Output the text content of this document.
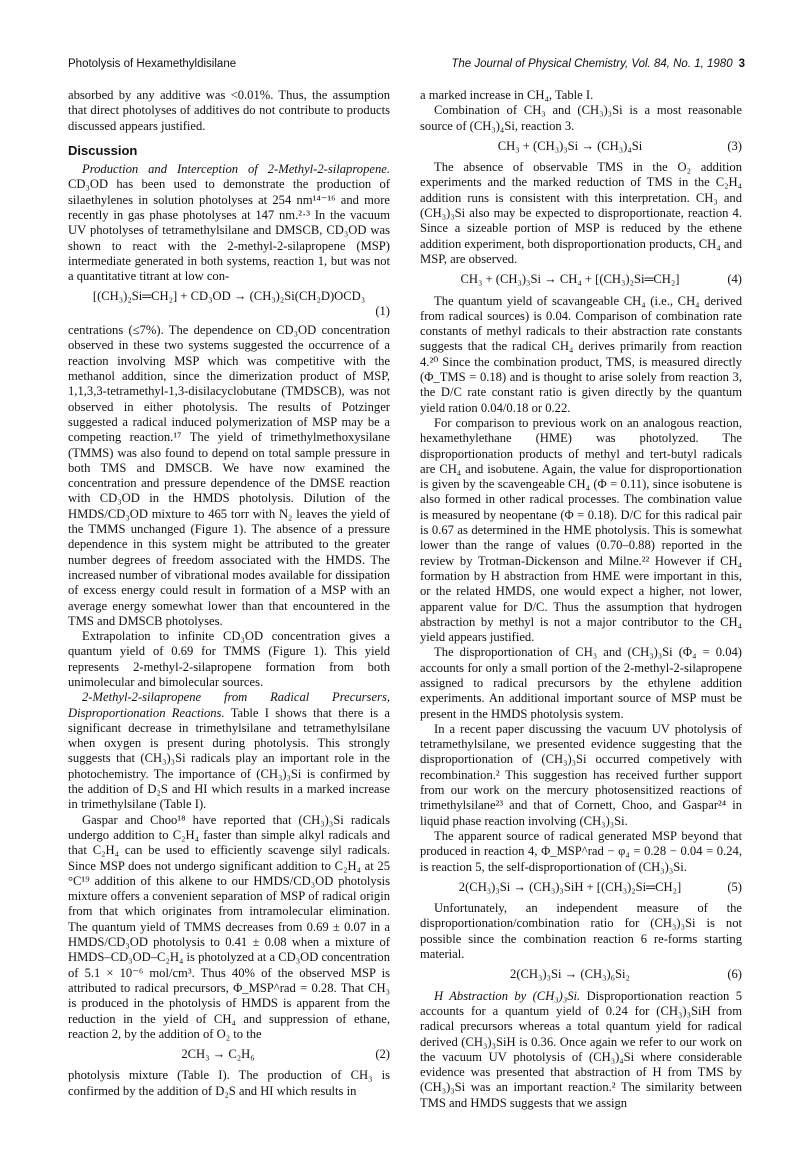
Photolysis of Hexamethyldisilane	The Journal of Physical Chemistry, Vol. 84, No. 1, 1980 3

absorbed by any additive was <0.01%. Thus, the assumption that direct photolyses of additives do not contribute to products discussed appears justified.

Discussion

Production and Interception of 2-Methyl-2-silapropene. CD₃OD has been used to demonstrate the production of silaethylenes in solution photolyses at 254 nm¹⁴⁻¹⁶ and more recently in gas phase photolyses at 147 nm.²·³ In the vacuum UV photolyses of tetramethylsilane and DMSCB, CD₃OD was shown to react with the 2-methyl-2-silapropene (MSP) intermediate generated in both systems, reaction 1, but was not a quantitative titrant at low con-

[(CH₃)₂Si═CH₂] + CD₃OD → (CH₃)₂Si(CH₂D)OCD₃
(1)

centrations (≤7%). The dependence on CD₃OD concentration observed in these two systems suggested the occurrence of a reaction involving MSP which was competitive with the methanol addition, since the dimerization product of MSP, 1,1,3,3-tetramethyl-1,3-disilacyclobutane (TMDSCB), was not observed in either photolysis. The results of Potzinger suggested a radical induced polymerization of MSP may be a competing reaction.¹⁷ The yield of trimethylmethoxysilane (TMMS) was also found to depend on total sample pressure in both TMS and DMSCB. We have now examined the concentration and pressure dependence of the DMSE reaction with CD₃OD in the HMDS photolysis. Dilution of the HMDS/CD₃OD mixture to 465 torr with N₂ leaves the yield of the TMMS unchanged (Figure 1). The absence of a pressure dependence in this system might be attributed to the greater number degrees of freedom associated with the HMDS. The increased number of vibrational modes available for dissipation of excess energy could result in formation of a MSP with an average energy somewhat lower than that encountered in the TMS and DMSCB photolyses.

Extrapolation to infinite CD₃OD concentration gives a quantum yield of 0.69 for TMMS (Figure 1). This yield represents 2-methyl-2-silapropene formation from both unimolecular and bimolecular sources.

2-Methyl-2-silapropene from Radical Precursers, Disproportionation Reactions. Table I shows that there is a significant decrease in trimethylsilane and tetramethylsilane when oxygen is present during photolysis. This strongly suggests that (CH₃)₃Si radicals play an important role in the photochemistry. The importance of (CH₃)₃Si is confirmed by the addition of D₂S and HI which results in a marked increase in trimethylsilane (Table I).

Gaspar and Choo¹⁸ have reported that (CH₃)₃Si radicals undergo addition to C₂H₄ faster than simple alkyl radicals and that C₂H₄ can be used to efficiently scavenge silyl radicals. Since MSP does not undergo significant addition to C₂H₄ at 25 °C¹⁹ addition of this alkene to our HMDS/CD₃OD photolysis mixture offers a convenient separation of MSP of radical origin from that which originates from intramolecular elimination. The quantum yield of TMMS decreases from 0.69 ± 0.07 in a HMDS/CD₃OD photolysis to 0.41 ± 0.08 when a mixture of HMDS–CD₃OD–C₂H₄ is photolyzed at a CD₃OD concentration of 5.1 × 10⁻⁶ mol/cm³. Thus 40% of the observed MSP is attributed to radical precursors, Φ_MSP^rad = 0.28. That CH₃ is produced in the photolysis of HMDS is apparent from the reduction in the yield of CH₄ and suppression of ethane, reaction 2, by the addition of O₂ to the

2CH₃ → C₂H₆	(2)

photolysis mixture (Table I). The production of CH₃ is confirmed by the addition of D₂S and HI which results in

a marked increase in CH₄, Table I.

Combination of CH₃ and (CH₃)₃Si is a most reasonable source of (CH₃)₄Si, reaction 3.

CH₃ + (CH₃)₃Si → (CH₃)₄Si	(3)

The absence of observable TMS in the O₂ addition experiments and the marked reduction of TMS in the C₂H₄ addition runs is consistent with this interpretation. CH₃ and (CH₃)₃Si also may be expected to disproportionate, reaction 4. Since a sizeable portion of MSP is reduced by the ethene addition experiment, both disproportionation products, CH₄ and MSP, are observed.

CH₃ + (CH₃)₃Si → CH₄ + [(CH₃)₂Si═CH₂]	(4)

The quantum yield of scavangeable CH₄ (i.e., CH₄ derived from radical sources) is 0.04. Comparison of combination rate constants of methyl radicals to their abstraction rate constants suggests that the radical CH₄ derives primarily from reaction 4.²⁰ Since the combination product, TMS, is measured directly (Φ_TMS = 0.18) and is thought to arise solely from reaction 3, the D/C rate constant ratio is given directly by the quantum yield ration 0.04/0.18 or 0.22.

For comparison to previous work on an analogous reaction, hexamethylethane (HME) was photolyzed. The disproportionation products of methyl and tert-butyl radicals are CH₄ and isobutene. Again, the value for disproportionation is given by the scavengeable CH₄ (Φ = 0.11), since isobutene is also formed in other radical processes. The combination value is measured by neopentane (Φ = 0.18). D/C for this radical pair is 0.67 as determined in the HME photolysis. This is somewhat lower than the range of values (0.70–0.88) reported in the review by Trotman-Dickenson and Milne.²² However if CH₄ formation by H abstraction from HME were important in this, or the related HMDS, one would expect a higher, not lower, apparent value for D/C. Thus the assumption that hydrogen abstraction by methyl is not a major contributor to the CH₄ yield appears justified.

The disproportionation of CH₃ and (CH₃)₃Si (Φ₄ = 0.04) accounts for only a small portion of the 2-methyl-2-silapropene assigned to radical precursors by the ethylene addition experiments. An additional important source of MSP must be present in the HMDS photolysis system.

In a recent paper discussing the vacuum UV photolysis of tetramethylsilane, we presented evidence suggesting that the disproportionation of (CH₃)₃Si occurred competively with recombination.² This suggestion has received further support from our work on the mercury photosensitized reactions of trimethylsilane²³ and that of Cornett, Choo, and Gaspar²⁴ in liquid phase reaction involving (CH₃)₃Si.

The apparent source of radical generated MSP beyond that produced in reaction 4, Φ_MSP^rad − φ₄ = 0.28 − 0.04 = 0.24, is reaction 5, the self-disproportionation of (CH₃)₃Si.

2(CH₃)₃Si → (CH₃)₃SiH + [(CH₃)₂Si═CH₂]	(5)

Unfortunately, an independent measure of the disproportionation/combination ratio for (CH₃)₃Si is not possible since the combination reaction 6 re-forms starting material.

2(CH₃)₃Si → (CH₃)₆Si₂	(6)

H Abstraction by (CH₃)₃Si. Disproportionation reaction 5 accounts for a quantum yield of 0.24 for (CH₃)₃SiH from radical precursors whereas a total quantum yield for radical derived (CH₃)₃SiH is 0.36. Once again we refer to our work on the vacuum UV photolysis of (CH₃)₄Si where considerable evidence was presented that abstraction of H from TMS by (CH₃)₃Si was an important reaction.² The similarity between TMS and HMDS suggests that we assign
